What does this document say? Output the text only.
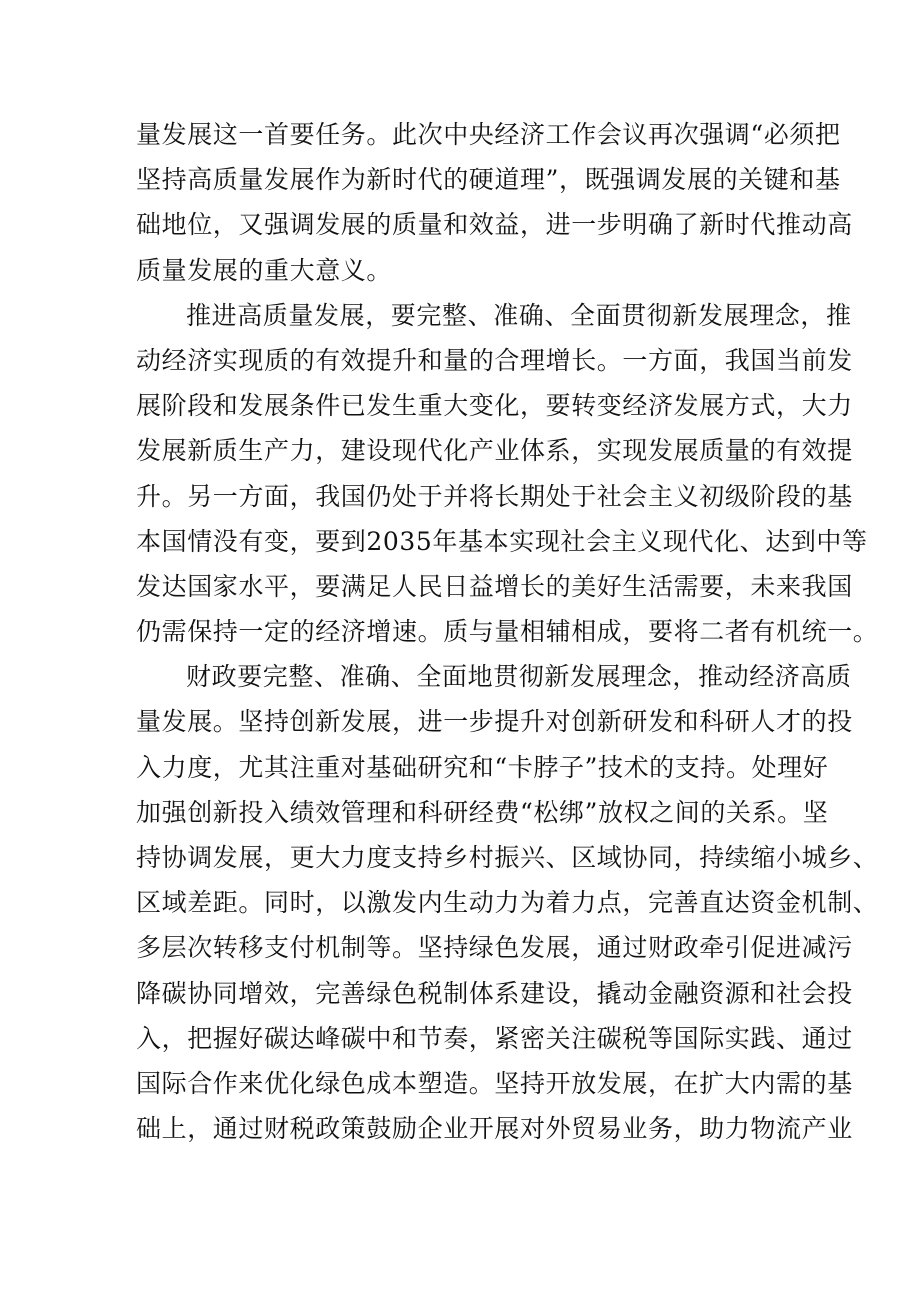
量发展这一首要任务。此次中央经济工作会议再次强调“必须把
坚持高质量发展作为新时代的硬道理”，既强调发展的关键和基
础地位，又强调发展的质量和效益，进一步明确了新时代推动高
质量发展的重大意义。
推进高质量发展，要完整、准确、全面贯彻新发展理念，推
动经济实现质的有效提升和量的合理增长。一方面，我国当前发
展阶段和发展条件已发生重大变化，要转变经济发展方式，大力
发展新质生产力，建设现代化产业体系，实现发展质量的有效提
升。另一方面，我国仍处于并将长期处于社会主义初级阶段的基
本国情没有变，要到2035年基本实现社会主义现代化、达到中等
发达国家水平，要满足人民日益增长的美好生活需要，未来我国
仍需保持一定的经济增速。质与量相辅相成，要将二者有机统一。
财政要完整、准确、全面地贯彻新发展理念，推动经济高质
量发展。坚持创新发展，进一步提升对创新研发和科研人才的投
入力度，尤其注重对基础研究和“卡脖子”技术的支持。处理好
加强创新投入绩效管理和科研经费“松绑”放权之间的关系。坚
持协调发展，更大力度支持乡村振兴、区域协同，持续缩小城乡、
区域差距。同时，以激发内生动力为着力点，完善直达资金机制、
多层次转移支付机制等。坚持绿色发展，通过财政牵引促进减污
降碳协同增效，完善绿色税制体系建设，撬动金融资源和社会投
入，把握好碳达峰碳中和节奏，紧密关注碳税等国际实践、通过
国际合作来优化绿色成本塑造。坚持开放发展，在扩大内需的基
础上，通过财税政策鼓励企业开展对外贸易业务，助力物流产业
